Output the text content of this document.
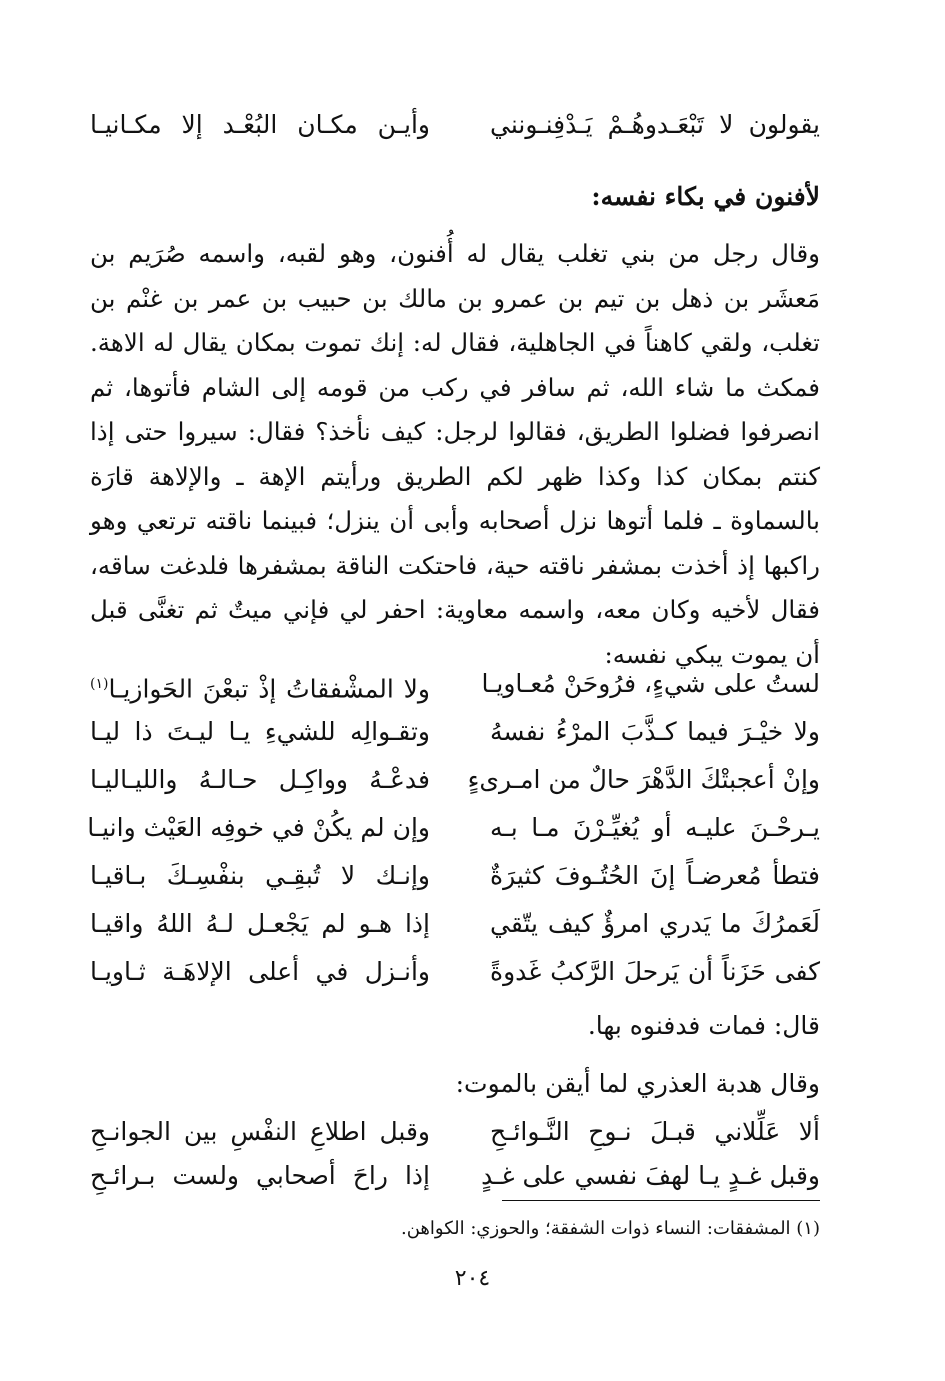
يقولون لا تَبْعَـدوهُـمْ يَـدْفِنـونني
وأيـن مكـان البُعْـد إلا مكـانيـا
لأفنون في بكاء نفسه:
وقال رجل من بني تغلب يقال له أُفنون، وهو لقبه، واسمه صُرَيم بن مَعشَر بن ذهل بن تيم بن عمرو بن مالك بن حبيب بن عمر بن غنْم بن تغلب، ولقي كاهناً في الجاهلية، فقال له: إنك تموت بمكان يقال له الاهة. فمكث ما شاء الله، ثم سافر في ركب من قومه إلى الشام فأتوها، ثم انصرفوا فضلوا الطريق، فقالوا لرجل: كيف نأخذ؟ فقال: سيروا حتى إذا كنتم بمكان كذا وكذا ظهر لكم الطريق ورأيتم الإهة ـ والإلاهة قارَة بالسماوة ـ فلما أتوها نزل أصحابه وأبى أن ينزل؛ فبينما ناقته ترتعي وهو راكبها إذ أخذت بمشفر ناقته حية، فاحتكت الناقة بمشفرها فلدغت ساقه، فقال لأخيه وكان معه، واسمه معاوية: احفر لي فإني ميتٌ ثم تغنَّى قبل أن يموت يبكي نفسه:
لستُ على شيءٍ، فرُوحَنْ مُعـاويـا
ولا المشْفقاتُ إذْ تبعْنَ الحَوازيـا$^{(١)}$
ولا خيْـرَ فيما كـذَّبَ المرْءُ نفسهُ
وتقـوالِه للشيءِ يـا ليـتَ ذا ليـا
وإنْ أعجبتْكَ الدَّهْرَ حالٌ من امـرىءٍ
فدعْـهُ وواكِـل حـالـهُ والليـاليـا
يـرحْـنَ عليـه أو يُغيِّـرْنَ مـا بـه
وإن لم يكُنْ في خوفِه العَيْث وانيـا
فتطأ مُعرضـاً إنَ الحُتُـوفَ كثيرَةٌ
وإنـك لا تُبقِـي بنفْسِـكَ بـاقيـا
لَعَمرُكَ ما يَدري امرؤٌ كيف يتّقي
إذا هـو لم يَجْعـل لـهُ اللهُ واقيـا
كفى حَزَناً أن يَرحلَ الرَّكبُ غَدوةً
وأنـزل في أعلى الإلاهَـة ثـاويـا
قال: فمات فدفنوه بها.
وقال هدبة العذري لما أيقن بالموت:
ألا عَلِّلاني قبـلَ نـوحِ النَّـوائـحِ
وقبل اطلاعِ النفْسِ بين الجوانـحِ
وقبل غـدٍ يـا لهفَ نفسي على غـدٍ
إذا راحَ أصحابي ولست بـرائـحِ
(١) المشفقات: النساء ذوات الشفقة؛ والحوزي: الكواهن.
٢٠٤
